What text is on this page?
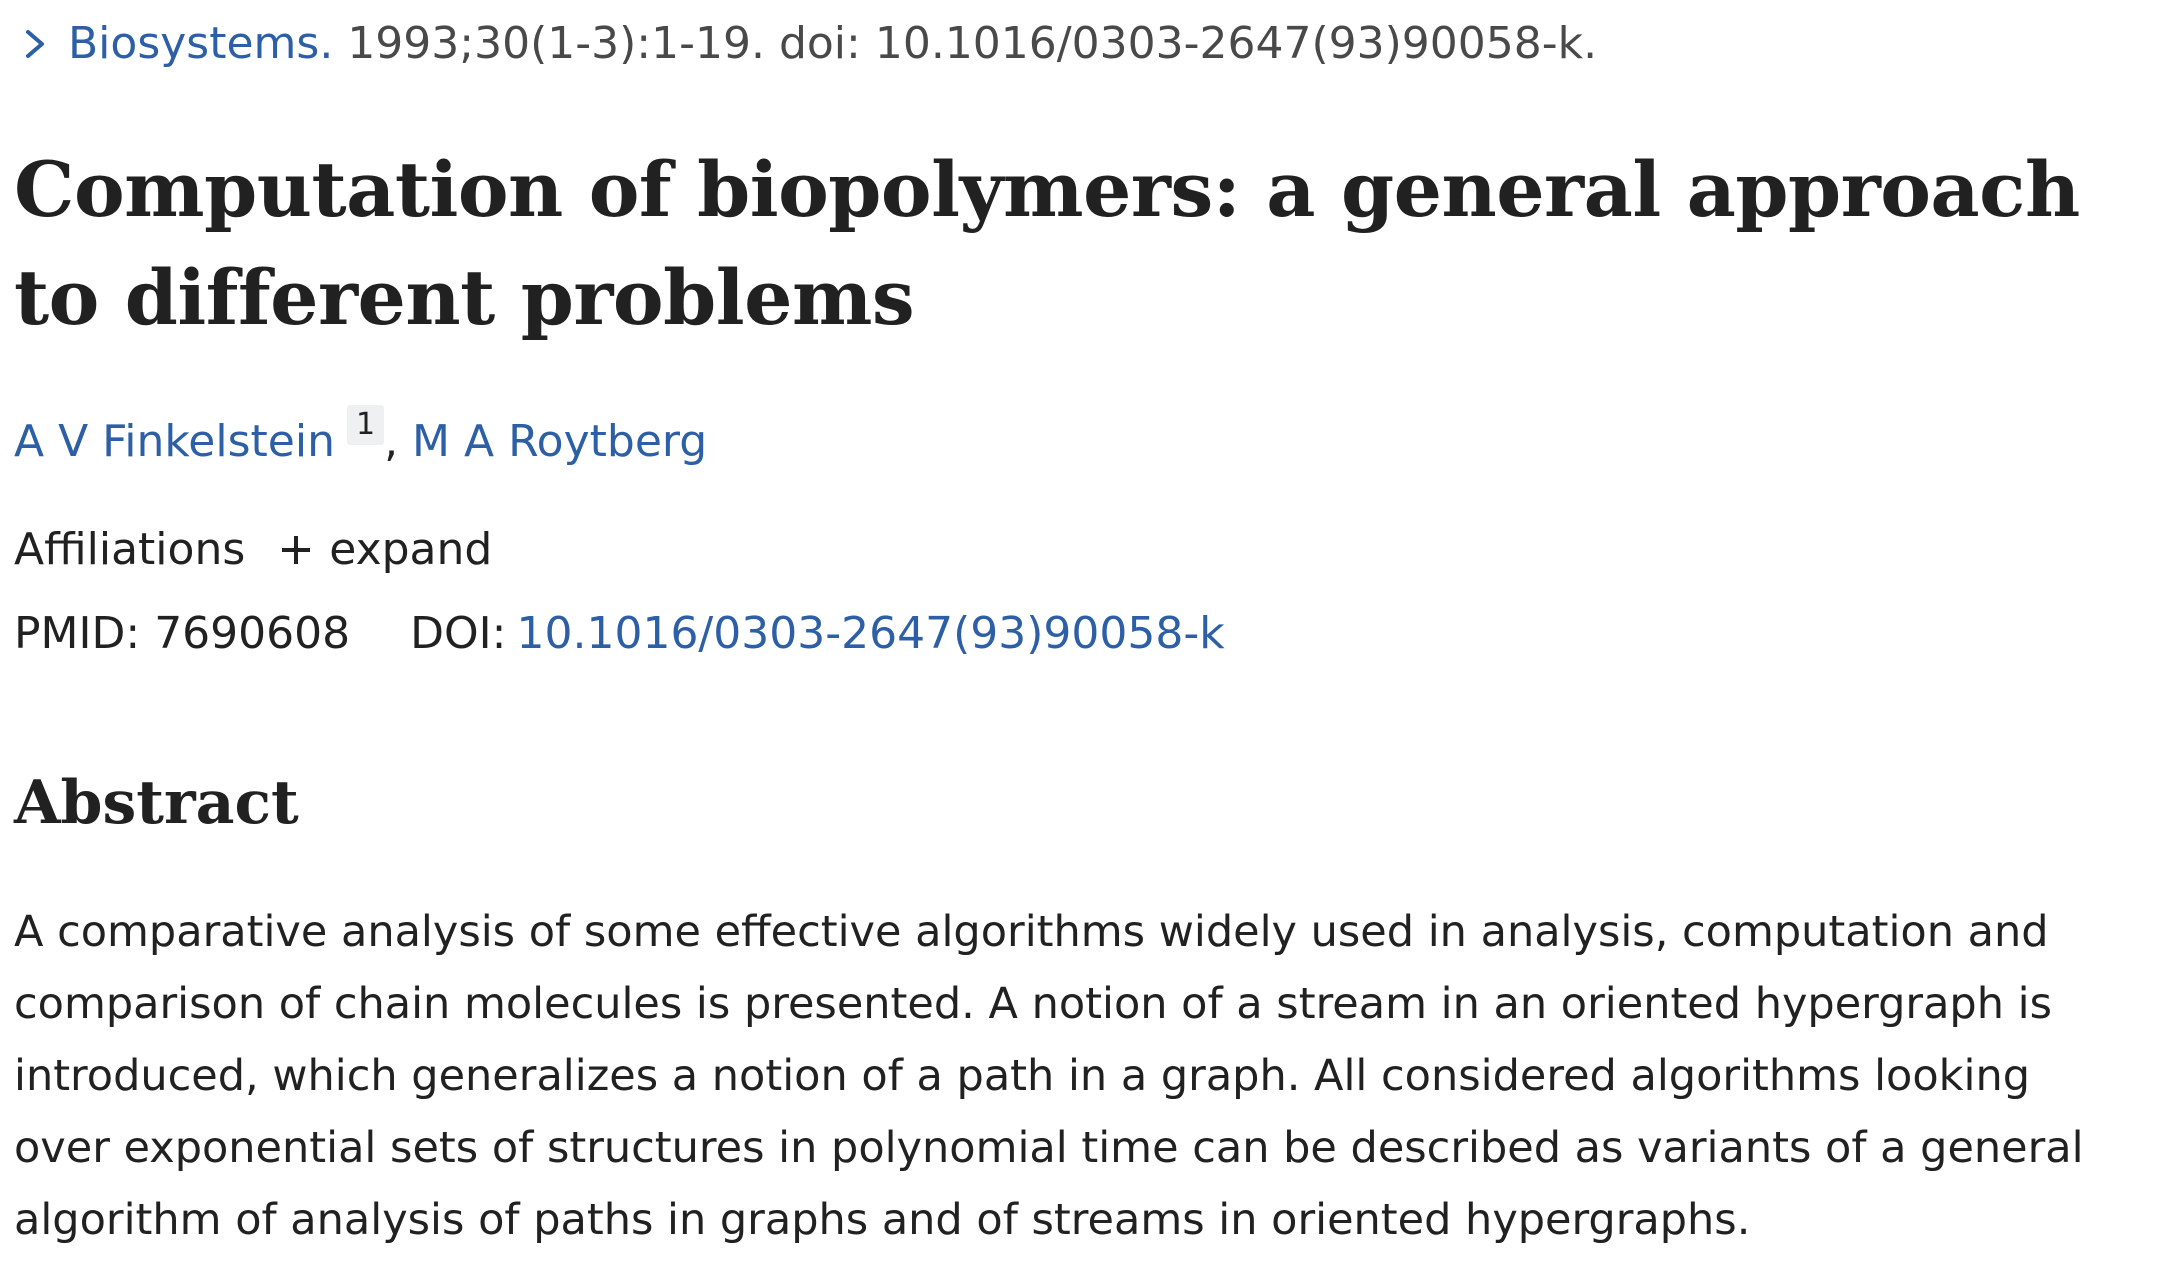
Biosystems. 1993;30(1-3):1-19. doi: 10.1016/0303-2647(93)90058-k.
Computation of biopolymers: a general approach to different problems
A V Finkelstein 1 , M A Roytberg
Affiliations expand
PMID: 7690608 DOI: 10.1016/0303-2647(93)90058-k
Abstract

A comparative analysis of some effective algorithms widely used in analysis, computation and comparison of chain molecules is presented. A notion of a stream in an oriented hypergraph is introduced, which generalizes a notion of a path in a graph. All considered algorithms looking over exponential sets of structures in polynomial time can be described as variants of a general algorithm of analysis of paths in graphs and of streams in oriented hypergraphs.
